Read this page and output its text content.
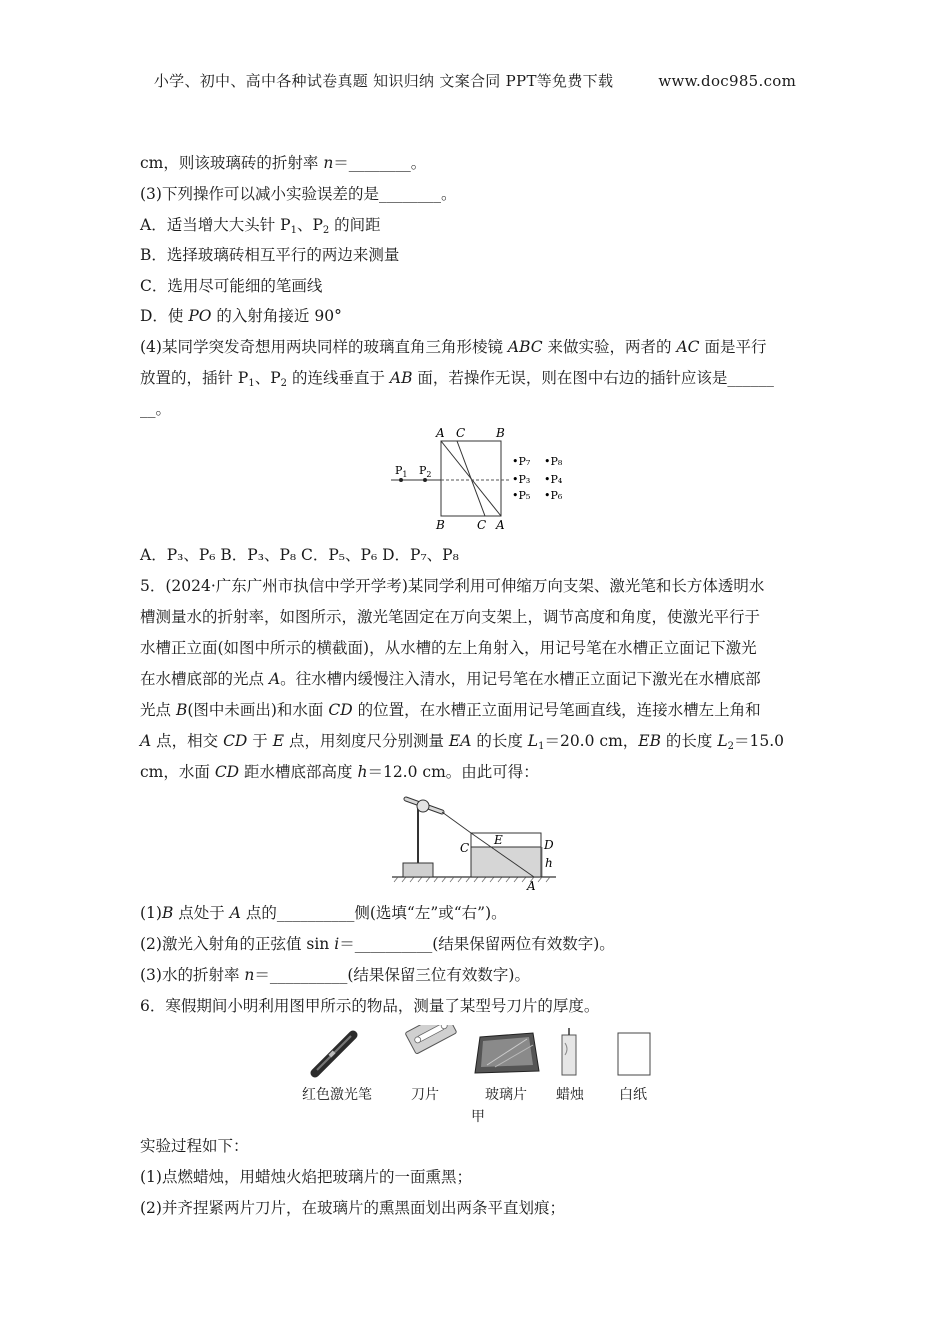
小学、初中、高中各种试卷真题 知识归纳 文案合同 PPT等免费下载	www.doc985.com
cm，则该玻璃砖的折射率 n＝________。
(3)下列操作可以减小实验误差的是________。
A．适当增大大头针 $P_1$、$P_2$ 的间距
B．选择玻璃砖相互平行的两边来测量
C．选用尽可能细的笔画线
D．使 PO 的入射角接近 90°
(4)某同学突发奇想用两块同样的玻璃直角三角形棱镜 ABC 来做实验，两者的 AC 面是平行
放置的，插针 $P_1$、$P_2$ 的连线垂直于 AB 面，若操作无误，则在图中右边的插针应该是______
__。
A C	B
B	C A
$P_1$ $P_2$
•P₇ •P₈
•P₃ •P₄
•P₅ •P₆
A．P₃、P₆ B．P₃、P₈ C．P₅、P₆ D．P₇、P₈
5．(2024·广东广州市执信中学开学考)某同学利用可伸缩万向支架、激光笔和长方体透明水
槽测量水的折射率，如图所示，激光笔固定在万向支架上，调节高度和角度，使激光平行于
水槽正立面(如图中所示的横截面)，从水槽的左上角射入，用记号笔在水槽正立面记下激光
在水槽底部的光点 A。往水槽内缓慢注入清水，用记号笔在水槽正立面记下激光在水槽底部
光点 B(图中未画出)和水面 CD 的位置，在水槽正立面用记号笔画直线，连接水槽左上角和
A 点，相交 CD 于 E 点，用刻度尺分别测量 EA 的长度 $L_1=20.0$ cm，EB 的长度 $L_2=15.0$
cm，水面 CD 距水槽底部高度 h＝12.0 cm。由此可得：
E
C	D
h
A
(1)B 点处于 A 点的__________侧(选填“左”或“右”)。
(2)激光入射角的正弦值 sin i＝__________(结果保留两位有效数字)。
(3)水的折射率 n＝__________(结果保留三位有效数字)。
6．寒假期间小明利用图甲所示的物品，测量了某型号刀片的厚度。
红色激光笔	刀片	玻璃片	蜡烛	白纸
甲
实验过程如下：
(1)点燃蜡烛，用蜡烛火焰把玻璃片的一面熏黑；
(2)并齐捏紧两片刀片，在玻璃片的熏黑面划出两条平直划痕；
